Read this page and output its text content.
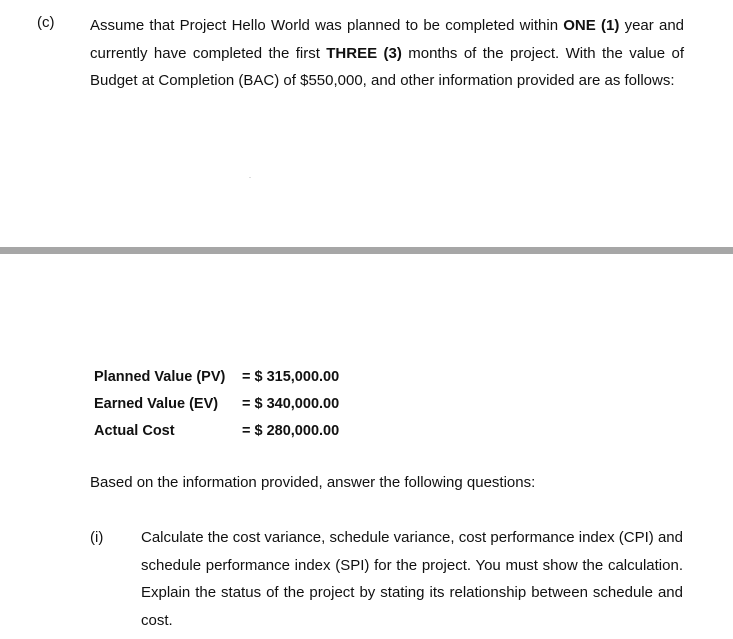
(c) Assume that Project Hello World was planned to be completed within ONE (1) year and currently have completed the first THREE (3) months of the project. With the value of Budget at Completion (BAC) of $550,000, and other information provided are as follows:

Planned Value (PV)	= $ 315,000.00
Earned Value (EV)	= $ 340,000.00
Actual Cost	= $ 280,000.00
Based on the information provided, answer the following questions:
(i)	Calculate the cost variance, schedule variance, cost performance index (CPI) and schedule performance index (SPI) for the project. You must show the calculation. Explain the status of the project by stating its relationship between schedule and cost.
